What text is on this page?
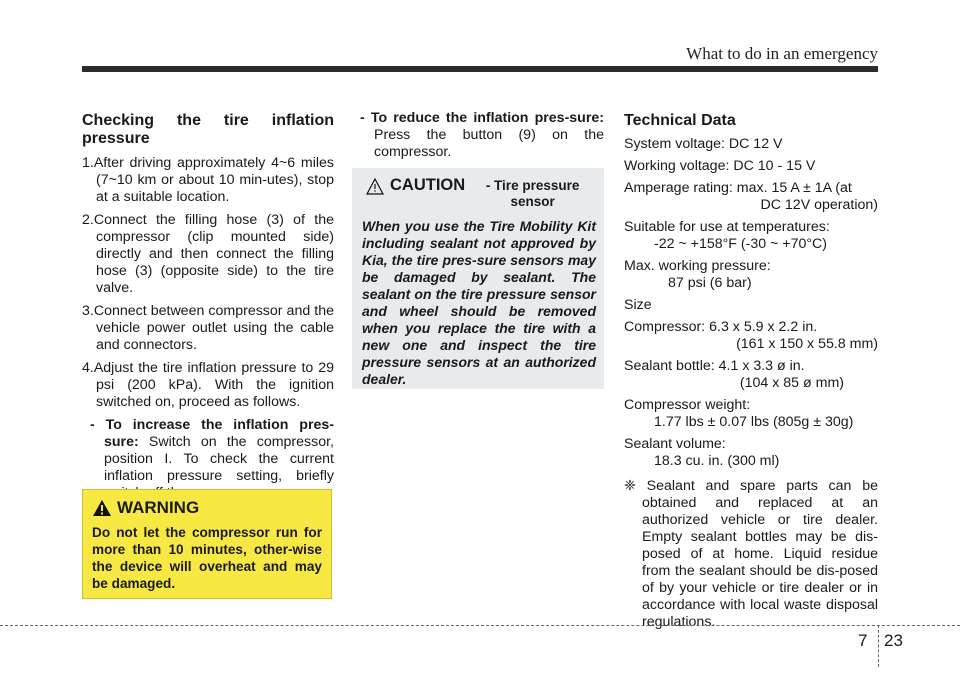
What to do in an emergency
Checking the tire inflation pressure
1.After driving approximately 4~6 miles (7~10 km or about 10 min-utes), stop at a suitable location.
2.Connect the filling hose (3) of the compressor (clip mounted side) directly and then connect the filling hose (3) (opposite side) to the tire valve.
3.Connect between compressor and the vehicle power outlet using the cable and connectors.
4.Adjust the tire inflation pressure to 29 psi (200 kPa). With the ignition switched on, proceed as follows.
- To increase the inflation pres-sure: Switch on the compressor, position I. To check the current inflation pressure setting, briefly
WARNING
Do not let the compressor run for more than 10 minutes, other-wise the device will overheat and may be damaged.
- To reduce the inflation pres-sure: Press the button (9) on the compressor.
CAUTION	- Tire pressure sensor
When you use the Tire Mobility Kit including sealant not approved by Kia, the tire pres-sure sensors may be damaged by sealant. The sealant on the tire pressure sensor and wheel should be removed when you replace the tire with a new one and inspect the tire pressure sensors at an authorized dealer.
Technical Data
System voltage: DC 12 V
Working voltage: DC 10 - 15 V
Amperage rating: max. 15 A ± 1A (at
DC 12V operation)
Suitable for use at temperatures:
-22 ~ +158°F (-30 ~ +70°C)
Max. working pressure:
87 psi (6 bar)
Size
Compressor: 6.3 x 5.9 x 2.2 in.
(161 x 150 x 55.8 mm)
Sealant bottle: 4.1 x 3.3 ø in.
(104 x 85 ø mm)
Compressor weight:
1.77 lbs ± 0.07 lbs (805g ± 30g)
Sealant volume:
18.3 cu. in. (300 ml)
❈ Sealant and spare parts can be obtained and replaced at an authorized vehicle or tire dealer. Empty sealant bottles may be dis-posed of at home. Liquid residue from the sealant should be dis-posed of by your vehicle or tire dealer or in accordance with local waste disposal regulations.
7 23
